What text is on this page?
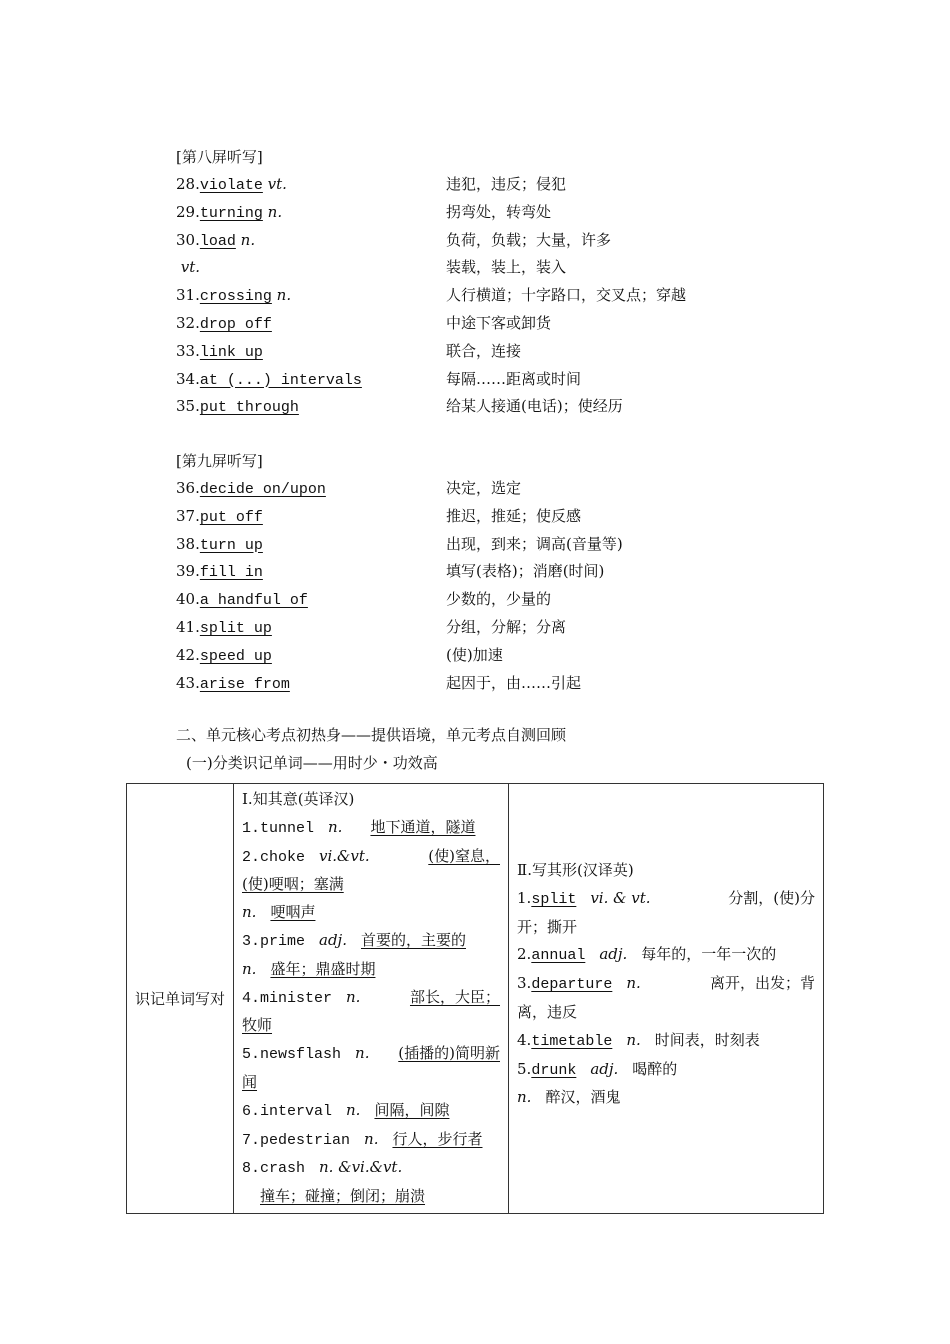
[第八屏听写]
28.violate vt.	违犯，违反；侵犯
29.turning n.	拐弯处，转弯处
30.load n.	负荷，负载；大量，许多
vt.	装载，装上，装入
31.crossing n.	人行横道；十字路口，交叉点；穿越
32.drop off	中途下客或卸货
33.link up	联合，连接
34.at (...) intervals	每隔……距离或时间
35.put through	给某人接通(电话)；使经历
[第九屏听写]
36.decide on/upon	决定，选定
37.put off	推迟，推延；使反感
38.turn up	出现，到来；调高(音量等)
39.fill in	填写(表格)；消磨(时间)
40.a handful of	少数的，少量的
41.split up	分组，分解；分离
42.speed up	(使)加速
43.arise from	起因于，由……引起
二、单元核心考点初热身——提供语境，单元考点自测回顾
(一)分类识记单词——用时少・功效高
识记单词写对	
Ⅰ.知其意(英译汉)
1.tunnel n. 地下通道，隧道
2.choke vi.&vt.	(使)窒息，
(使)哽咽；塞满
n. 哽咽声
3.prime adj. 首要的，主要的
n. 盛年；鼎盛时期
4.minister n.	部长，大臣；
牧师
5.newsflash n. (插播的)简明新
闻
6.interval n. 间隔，间隙
7.pedestrian n. 行人，步行者
8.crash n. &vi.&vt.
撞车；碰撞；倒闭；崩溃

Ⅱ.写其形(汉译英)
1.split vi. & vt.	分割，(使)分
开；撕开
2.annual adj. 每年的，一年一次的
3.departure n.	离开，出发；背
离，违反
4.timetable n. 时间表，时刻表
5.drunk adj. 喝醉的
n. 醉汉，酒鬼
